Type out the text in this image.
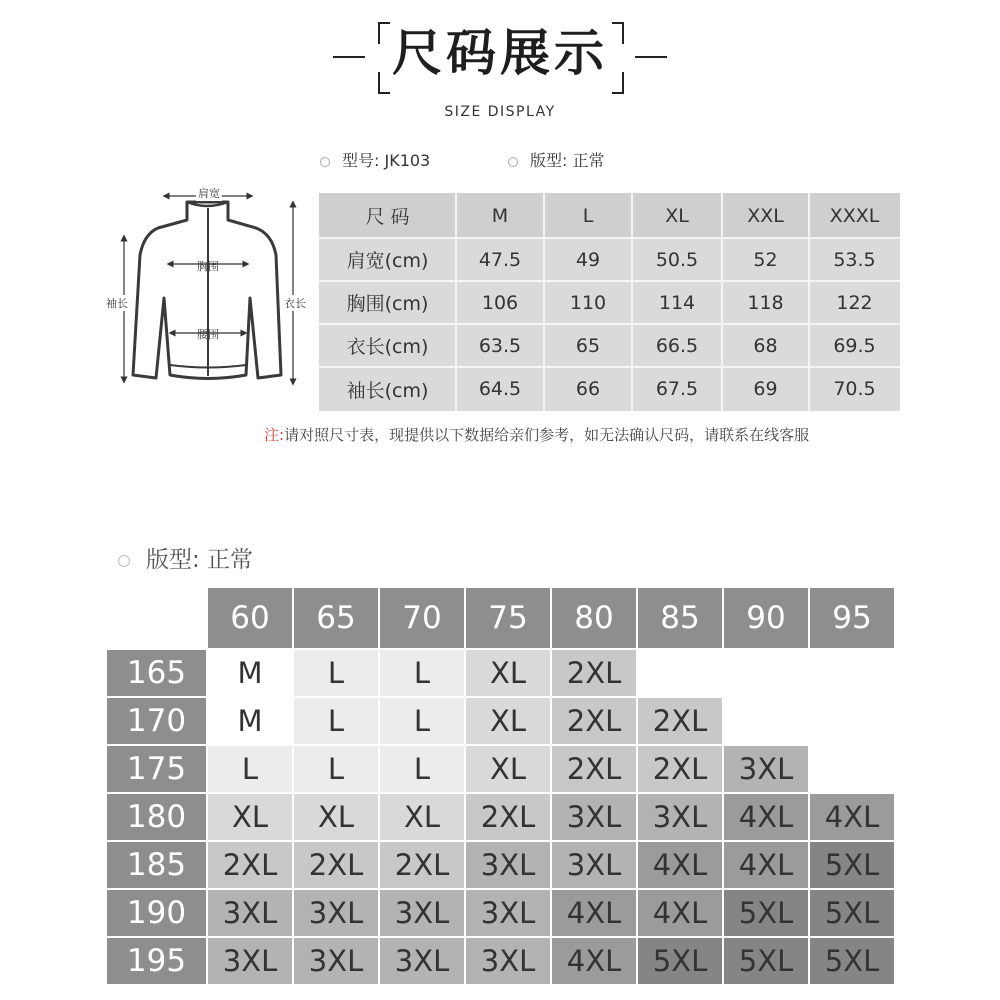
尺码展示
SIZE DISPLAY
型号: JK103	版型: 正常
肩宽
胸围
腰围
袖长	衣长
尺 码	M	L	XL	XXL	XXXL
肩宽(cm)	47.5	49	50.5	52	53.5
胸围(cm)	106	110	114	118	122
衣长(cm)	63.5	65	66.5	68	69.5
袖长(cm)	64.5	66	67.5	69	70.5
注:请对照尺寸表，现提供以下数据给亲们参考，如无法确认尺码，请联系在线客服
版型: 正常
体重(kg)
身高(cm)	60	65	70	75	80	85	90	95
165	M	L	L	XL	2XL
170	M	L	L	XL	2XL	2XL
175	L	L	L	XL	2XL	2XL	3XL
180	XL	XL	XL	2XL	3XL	3XL	4XL	4XL
185	2XL	2XL	2XL	3XL	3XL	4XL	4XL	5XL
190	3XL	3XL	3XL	3XL	4XL	4XL	5XL	5XL
195	3XL	3XL	3XL	3XL	4XL	5XL	5XL	5XL
